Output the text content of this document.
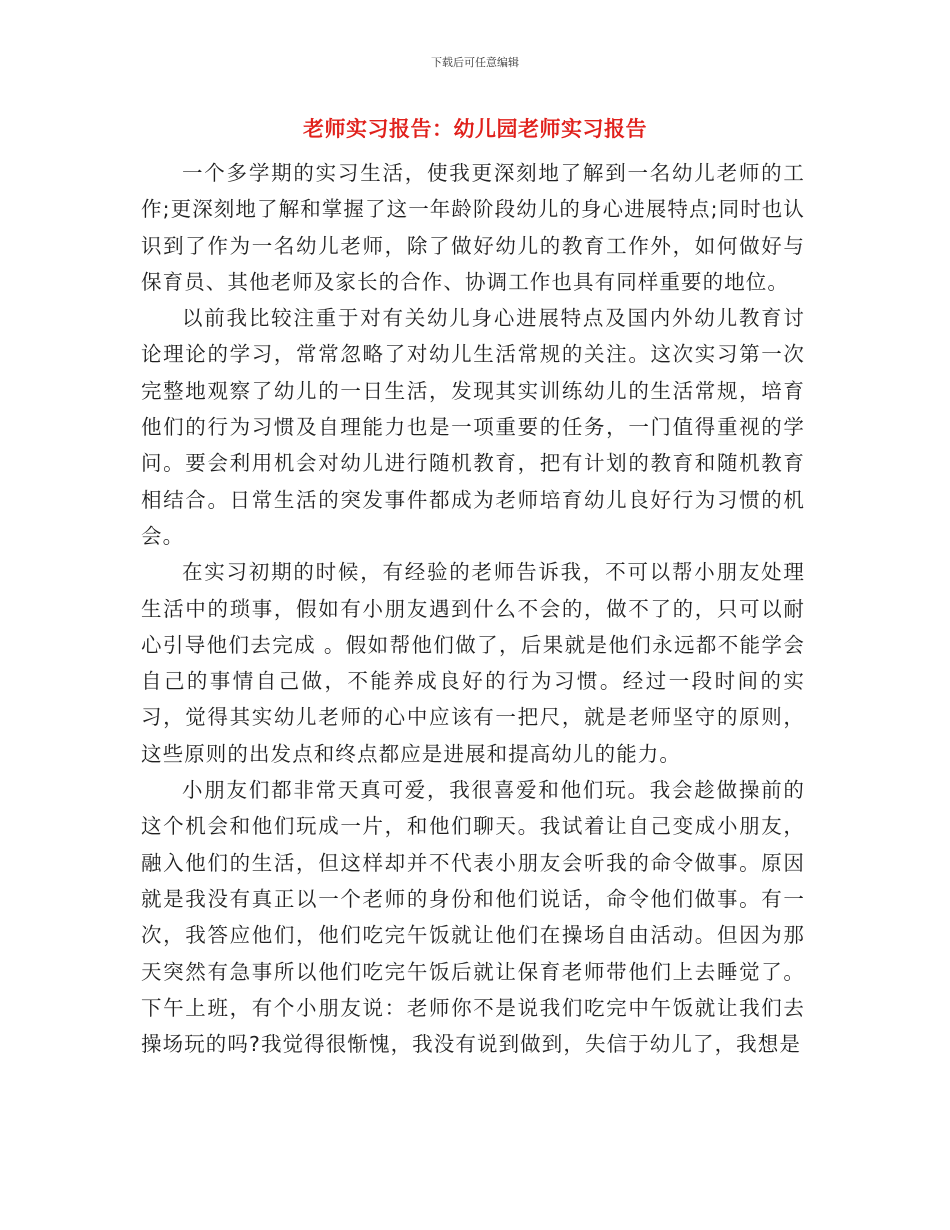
下载后可任意编辑
老师实习报告：幼儿园老师实习报告

一个多学期的实习生活，使我更深刻地了解到一名幼儿老师的工作;更深刻地了解和掌握了这一年龄阶段幼儿的身心进展特点;同时也认识到了作为一名幼儿老师，除了做好幼儿的教育工作外，如何做好与保育员、其他老师及家长的合作、协调工作也具有同样重要的地位。

以前我比较注重于对有关幼儿身心进展特点及国内外幼儿教育讨论理论的学习，常常忽略了对幼儿生活常规的关注。这次实习第一次完整地观察了幼儿的一日生活，发现其实训练幼儿的生活常规，培育他们的行为习惯及自理能力也是一项重要的任务，一门值得重视的学问。要会利用机会对幼儿进行随机教育，把有计划的教育和随机教育相结合。日常生活的突发事件都成为老师培育幼儿良好行为习惯的机会。

在实习初期的时候，有经验的老师告诉我，不可以帮小朋友处理生活中的琐事，假如有小朋友遇到什么不会的，做不了的，只可以耐心引导他们去完成 。假如帮他们做了，后果就是他们永远都不能学会自己的事情自己做，不能养成良好的行为习惯。经过一段时间的实习，觉得其实幼儿老师的心中应该有一把尺，就是老师坚守的原则，这些原则的出发点和终点都应是进展和提高幼儿的能力。

小朋友们都非常天真可爱，我很喜爱和他们玩。我会趁做操前的这个机会和他们玩成一片，和他们聊天。我试着让自己变成小朋友，融入他们的生活，但这样却并不代表小朋友会听我的命令做事。原因就是我没有真正以一个老师的身份和他们说话，命令他们做事。有一次，我答应他们，他们吃完午饭就让他们在操场自由活动。但因为那天突然有急事所以他们吃完午饭后就让保育老师带他们上去睡觉了。下午上班，有个小朋友说：老师你不是说我们吃完中午饭就让我们去操场玩的吗?我觉得很惭愧，我没有说到做到，失信于幼儿了，我想是
